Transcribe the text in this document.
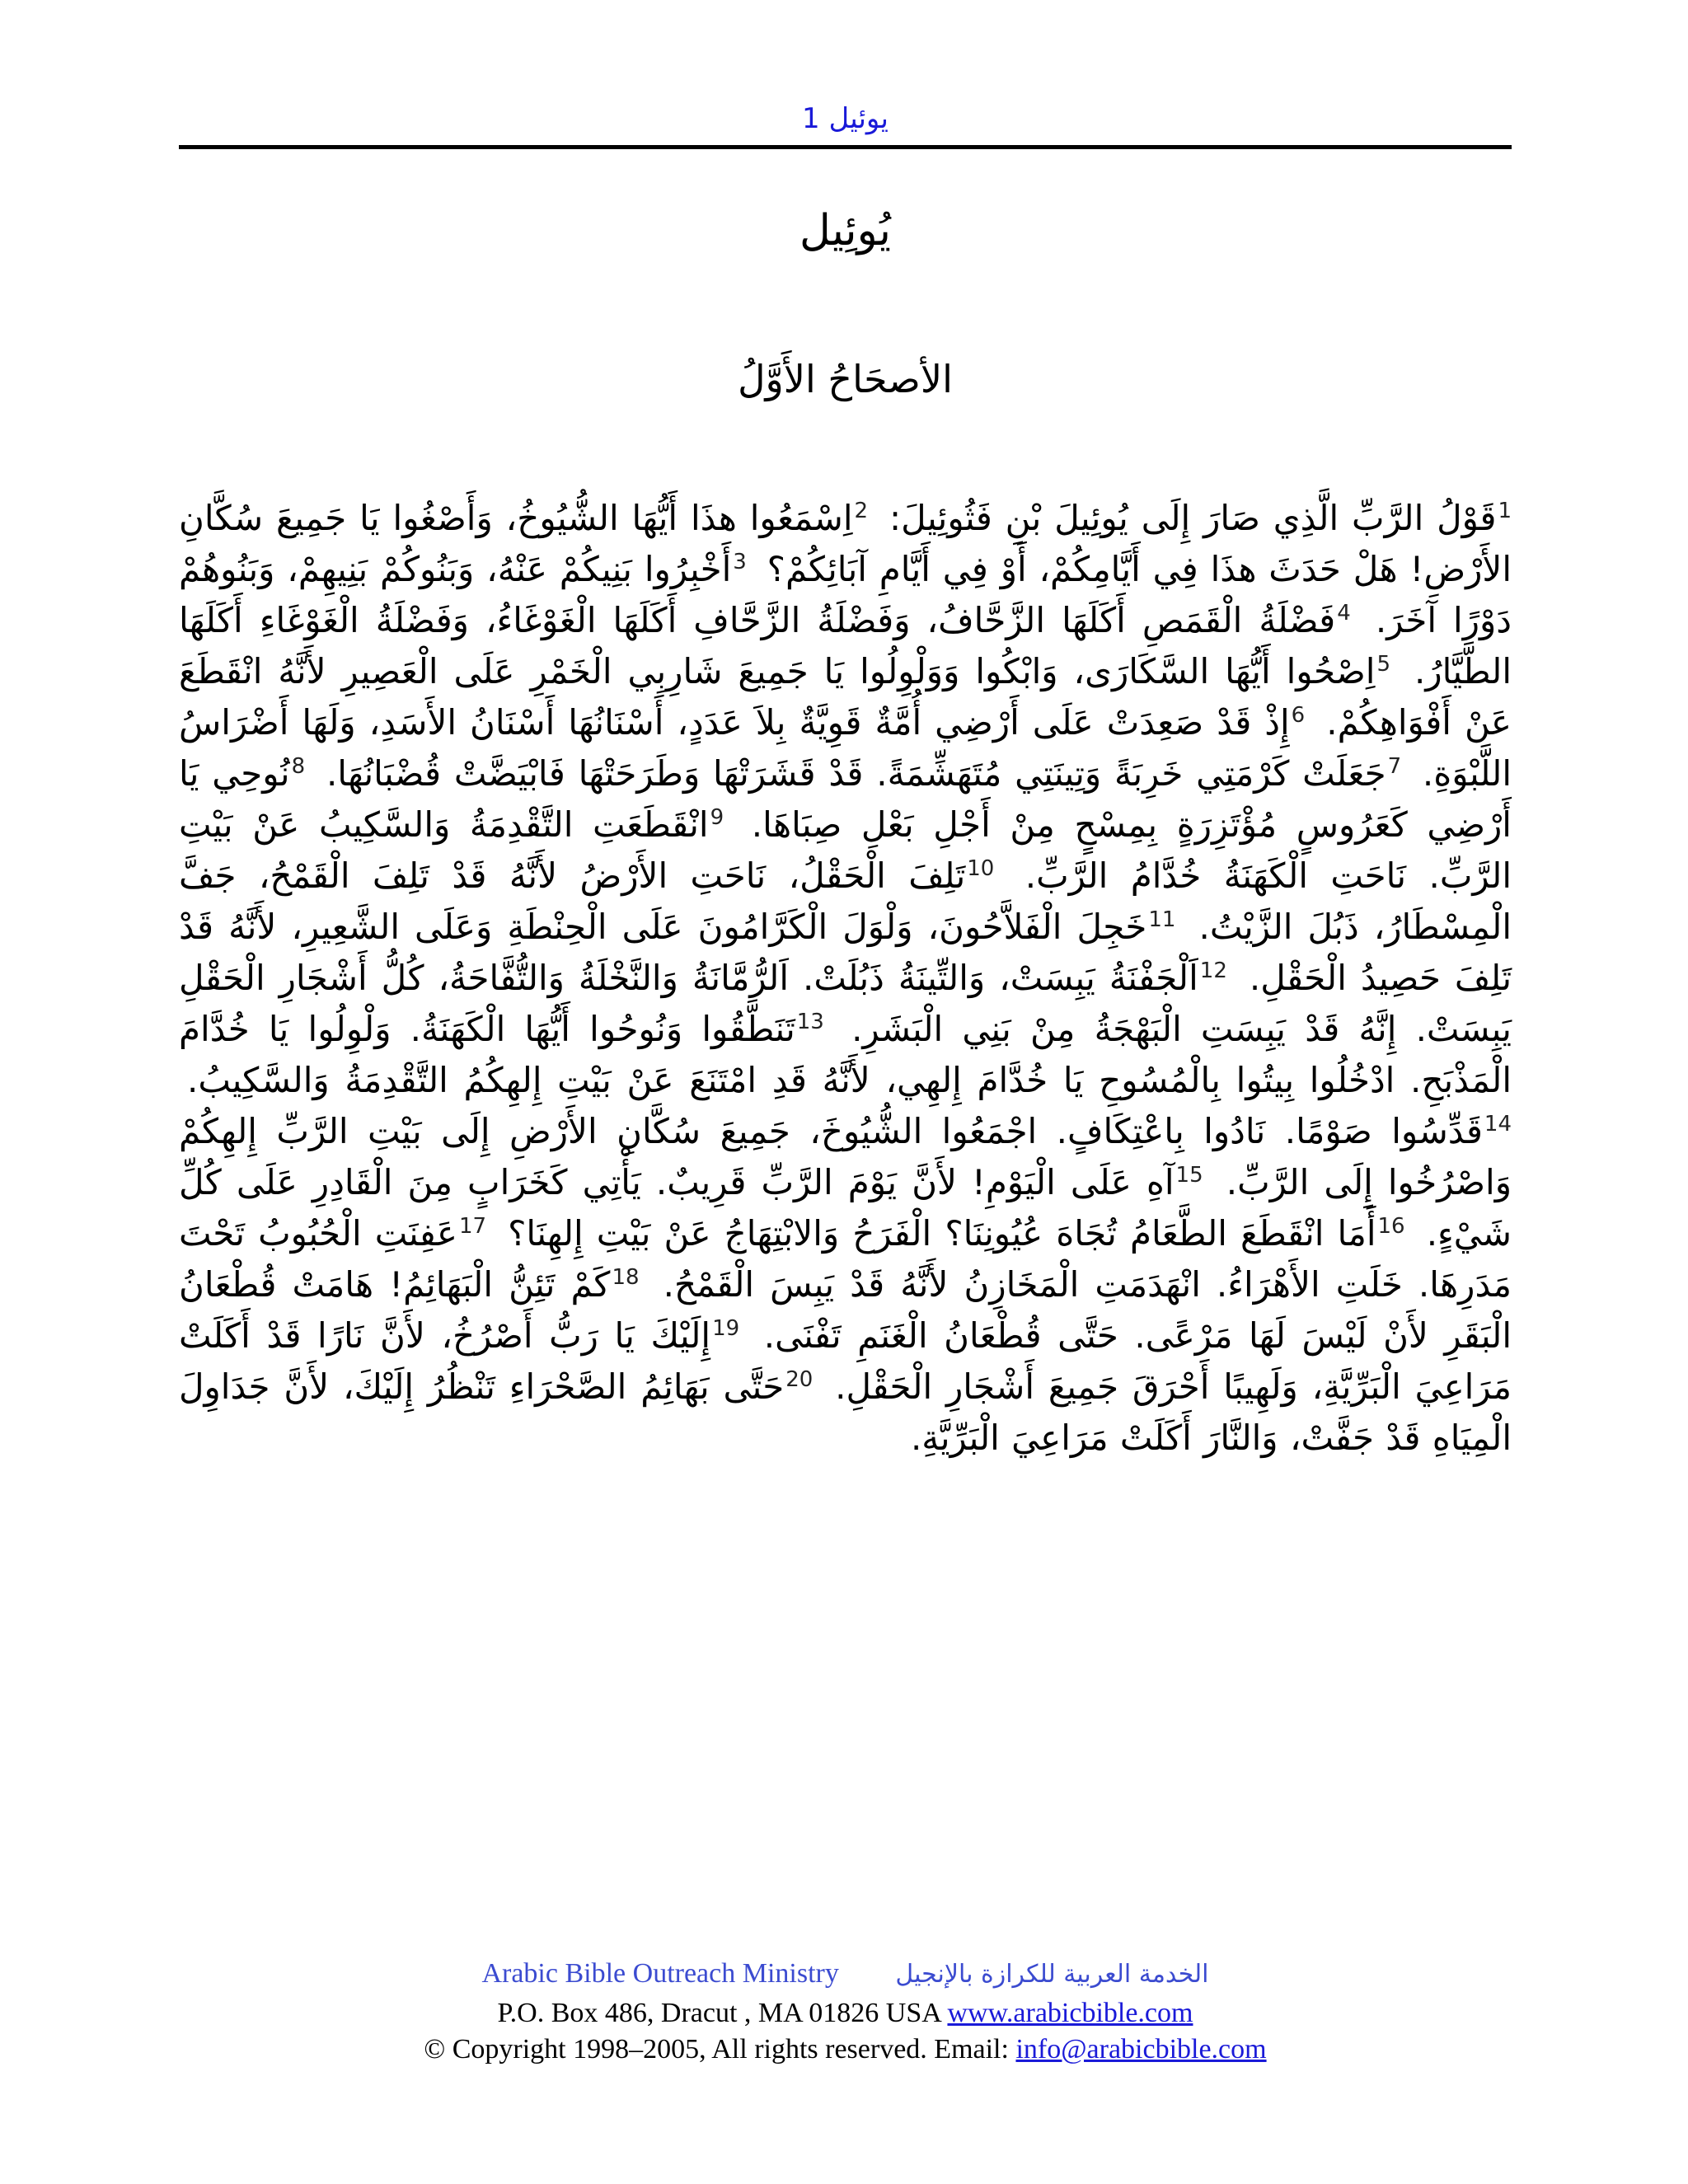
يوئيل 1
يُوئِيل
الأصحَاحُ الأَوَّلُ
$^1$قَوْلُ الرَّبِّ الَّذِي صَارَ إِلَى يُوئِيلَ بْنِ فَثُوئِيلَ: $^2$اِسْمَعُوا هذَا أَيُّهَا الشُّيُوخُ، وَأَصْغُوا يَا جَمِيعَ سُكَّانِ الأَرْضِ! هَلْ حَدَثَ هذَا فِي أَيَّامِكُمْ، أَوْ فِي أَيَّامِ آبَائِكُمْ؟ $^3$أَخْبِرُوا بَنِيكُمْ عَنْهُ، وَبَنُوكُمْ بَنِيهِمْ، وَبَنُوهُمْ دَوْرًا آخَرَ. $^4$فَضْلَةُ الْقَمَصِ أَكَلَهَا الزَّحَّافُ، وَفَضْلَةُ الزَّحَّافِ أَكَلَهَا الْغَوْغَاءُ، وَفَضْلَةُ الْغَوْغَاءِ أَكَلَهَا الطَّيَّارُ. $^5$اِصْحُوا أَيُّهَا السَّكَارَى، وَابْكُوا وَوَلْوِلُوا يَا جَمِيعَ شَارِبِي الْخَمْرِ عَلَى الْعَصِيرِ لأَنَّهُ انْقَطَعَ عَنْ أَفْوَاهِكُمْ. $^6$إِذْ قَدْ صَعِدَتْ عَلَى أَرْضِي أُمَّةٌ قَوِيَّةٌ بِلاَ عَدَدٍ، أَسْنَانُهَا أَسْنَانُ الأَسَدِ، وَلَهَا أَضْرَاسُ اللَّبْوَةِ. $^7$جَعَلَتْ كَرْمَتِي خَرِبَةً وَتِينَتِي مُتَهَشِّمَةً. قَدْ قَشَرَتْهَا وَطَرَحَتْهَا فَابْيَضَّتْ قُضْبَانُهَا. $^8$نُوحِي يَا أَرْضِي كَعَرُوسٍ مُؤْتَزِرَةٍ بِمِسْحٍ مِنْ أَجْلِ بَعْلِ صِبَاهَا. $^9$انْقَطَعَتِ التَّقْدِمَةُ وَالسَّكِيبُ عَنْ بَيْتِ الرَّبِّ. نَاحَتِ الْكَهَنَةُ خُدَّامُ الرَّبِّ. $^{10}$تَلِفَ الْحَقْلُ، نَاحَتِ الأَرْضُ لأَنَّهُ قَدْ تَلِفَ الْقَمْحُ، جَفَّ الْمِسْطَارُ، ذَبُلَ الزَّيْتُ. $^{11}$خَجِلَ الْفَلاَّحُونَ، وَلْوَلَ الْكَرَّامُونَ عَلَى الْحِنْطَةِ وَعَلَى الشَّعِيرِ، لأَنَّهُ قَدْ تَلِفَ حَصِيدُ الْحَقْلِ. $^{12}$اَلْجَفْنَةُ يَبِسَتْ، وَالتِّينَةُ ذَبُلَتْ. اَلرُّمَّانَةُ وَالنَّخْلَةُ وَالتُّفَّاحَةُ، كُلُّ أَشْجَارِ الْحَقْلِ يَبِسَتْ. إِنَّهُ قَدْ يَبِسَتِ الْبَهْجَةُ مِنْ بَنِي الْبَشَرِ. $^{13}$تَنَطَّقُوا وَنُوحُوا أَيُّهَا الْكَهَنَةُ. وَلْوِلُوا يَا خُدَّامَ الْمَذْبَحِ. ادْخُلُوا بِيتُوا بِالْمُسُوحِ يَا خُدَّامَ إِلهِي، لأَنَّهُ قَدِ امْتَنَعَ عَنْ بَيْتِ إِلهِكُمُ التَّقْدِمَةُ وَالسَّكِيبُ. $^{14}$قَدِّسُوا صَوْمًا. نَادُوا بِاعْتِكَافٍ. اجْمَعُوا الشُّيُوخَ، جَمِيعَ سُكَّانِ الأَرْضِ إِلَى بَيْتِ الرَّبِّ إِلهِكُمْ وَاصْرُخُوا إِلَى الرَّبِّ. $^{15}$آهِ عَلَى الْيَوْمِ! لأَنَّ يَوْمَ الرَّبِّ قَرِيبٌ. يَأْتِي كَخَرَابٍ مِنَ الْقَادِرِ عَلَى كُلِّ شَيْءٍ. $^{16}$أَمَا انْقَطَعَ الطَّعَامُ تُجَاهَ عُيُونِنَا؟ الْفَرَحُ وَالابْتِهَاجُ عَنْ بَيْتِ إِلهِنَا؟ $^{17}$عَفِنَتِ الْحُبُوبُ تَحْتَ مَدَرِهَا. خَلَتِ الأَهْرَاءُ. انْهَدَمَتِ الْمَخَازِنُ لأَنَّهُ قَدْ يَبِسَ الْقَمْحُ. $^{18}$كَمْ تَئِنُّ الْبَهَائِمُ! هَامَتْ قُطْعَانُ الْبَقَرِ لأَنْ لَيْسَ لَهَا مَرْعًى. حَتَّى قُطْعَانُ الْغَنَمِ تَفْنَى. $^{19}$إِلَيْكَ يَا رَبُّ أَصْرُخُ، لأَنَّ نَارًا قَدْ أَكَلَتْ مَرَاعِيَ الْبَرِّيَّةِ، وَلَهِيبًا أَحْرَقَ جَمِيعَ أَشْجَارِ الْحَقْلِ. $^{20}$حَتَّى بَهَائِمُ الصَّحْرَاءِ تَنْظُرُ إِلَيْكَ، لأَنَّ جَدَاوِلَ الْمِيَاهِ قَدْ جَفَّتْ، وَالنَّارَ أَكَلَتْ مَرَاعِيَ الْبَرِّيَّةِ.
Arabic Bible Outreach Ministry الخدمة العربية للكرازة بالإنجيل
P.O. Box 486, Dracut , MA 01826 USA www.arabicbible.com
© Copyright 1998–2005, All rights reserved. Email: info@arabicbible.com
